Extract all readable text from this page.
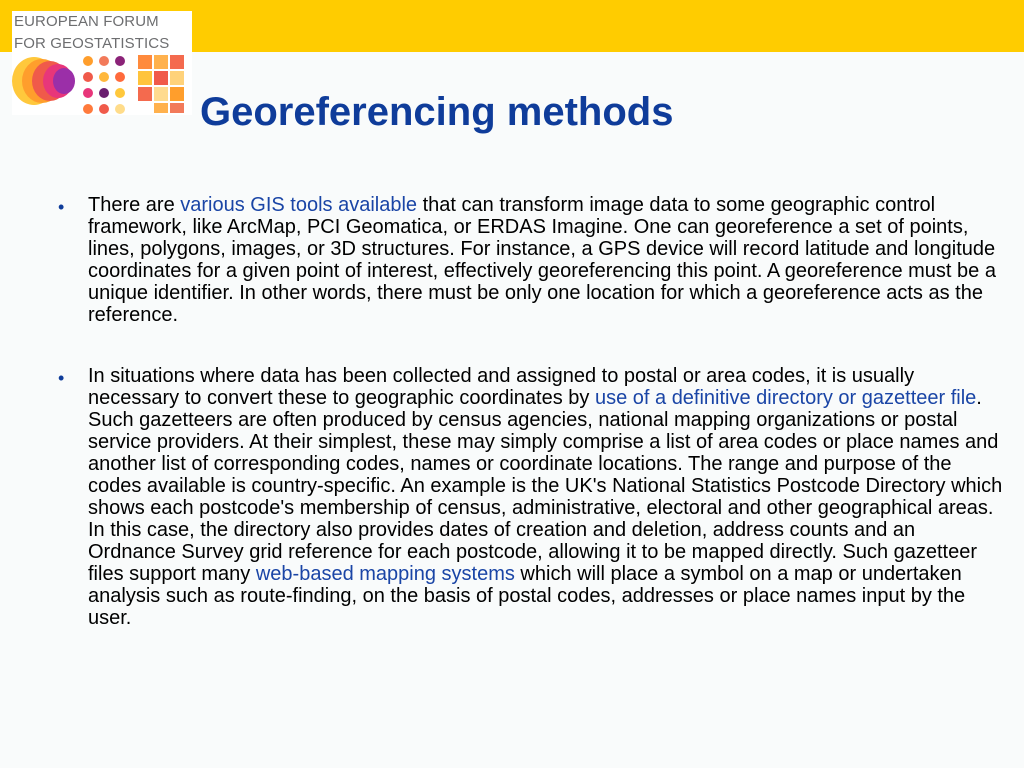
EUROPEAN FORUM
FOR GEOSTATISTICS
Georeferencing methods
• There are various GIS tools available that can transform image data to some geographic control framework, like ArcMap, PCI Geomatica, or ERDAS Imagine. One can georeference a set of points, lines, polygons, images, or 3D structures. For instance, a GPS device will record latitude and longitude coordinates for a given point of interest, effectively georeferencing this point. A georeference must be a unique identifier. In other words, there must be only one location for which a georeference acts as the reference.
• In situations where data has been collected and assigned to postal or area codes, it is usually necessary to convert these to geographic coordinates by use of a definitive directory or gazetteer file. Such gazetteers are often produced by census agencies, national mapping organizations or postal service providers. At their simplest, these may simply comprise a list of area codes or place names and another list of corresponding codes, names or coordinate locations. The range and purpose of the codes available is country-specific. An example is the UK's National Statistics Postcode Directory which shows each postcode's membership of census, administrative, electoral and other geographical areas. In this case, the directory also provides dates of creation and deletion, address counts and an Ordnance Survey grid reference for each postcode, allowing it to be mapped directly. Such gazetteer files support many web-based mapping systems which will place a symbol on a map or undertaken analysis such as route-finding, on the basis of postal codes, addresses or place names input by the user.
